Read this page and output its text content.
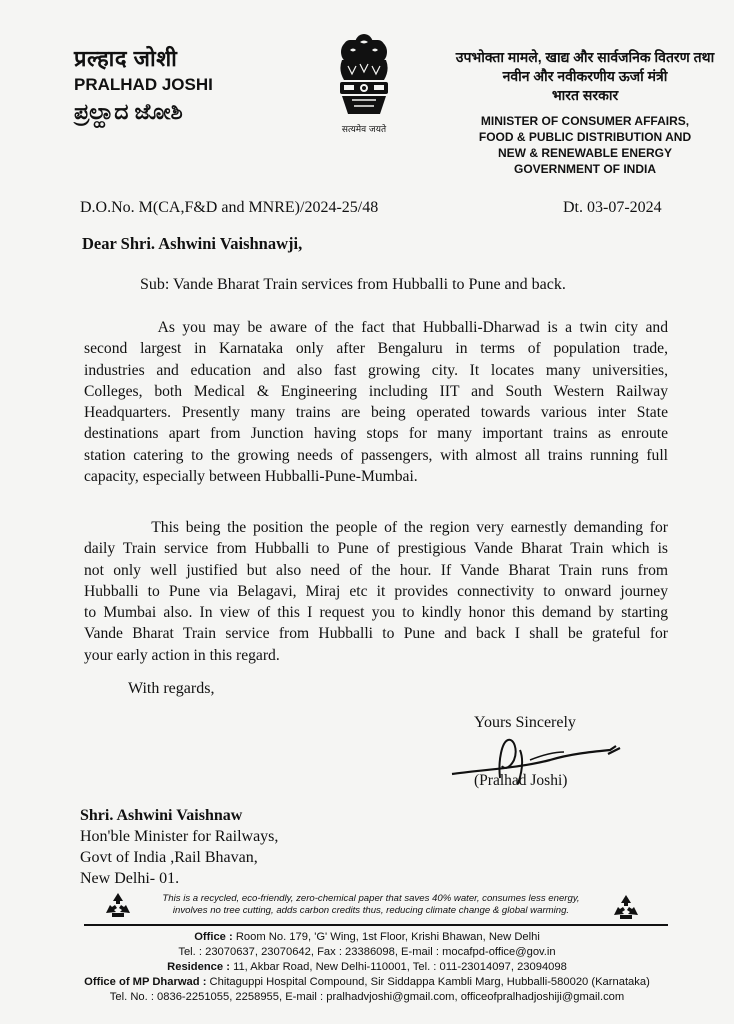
प्रल्हाद जोशी
PRALHAD JOSHI
ಪ್ರಲ್ಹಾದ ಜೋಶಿ
सत्यमेव जयते
उपभोक्ता मामले, खाद्य और सार्वजनिक वितरण तथा
नवीन और नवीकरणीय ऊर्जा मंत्री
भारत सरकार
MINISTER OF CONSUMER AFFAIRS,
FOOD & PUBLIC DISTRIBUTION AND
NEW & RENEWABLE ENERGY
GOVERNMENT OF INDIA
D.O.No. M(CA,F&D and MNRE)/2024-25/48	Dt. 03-07-2024
Dear Shri. Ashwini Vaishnawji,
Sub: Vande Bharat Train services from Hubballi to Pune and back.
As you may be aware of the fact that Hubballi-Dharwad is a twin city and
second largest in Karnataka only after Bengaluru in terms of population trade,
industries and education and also fast growing city. It locates many universities,
Colleges, both Medical & Engineering including IIT and South Western Railway
Headquarters. Presently many trains are being operated towards various inter State
destinations apart from Junction having stops for many important trains as enroute
station catering to the growing needs of passengers, with almost all trains running full
capacity, especially between Hubballi-Pune-Mumbai.
This being the position the people of the region very earnestly demanding for
daily Train service from Hubballi to Pune of prestigious Vande Bharat Train which is
not only well justified but also need of the hour. If Vande Bharat Train runs from
Hubballi to Pune via Belagavi, Miraj etc it provides connectivity to onward journey
to Mumbai also. In view of this I request you to kindly honor this demand by starting
Vande Bharat Train service from Hubballi to Pune and back I shall be grateful for
your early action in this regard.
With regards,
Yours Sincerely
(Pralhad Joshi)
Shri. Ashwini Vaishnaw
Hon'ble Minister for Railways,
Govt of India ,Rail Bhavan,
New Delhi- 01.
This is a recycled, eco-friendly, zero-chemical paper that saves 40% water, consumes less energy,
involves no tree cutting, adds carbon credits thus, reducing climate change & global warming.
Office : Room No. 179, 'G' Wing, 1st Floor, Krishi Bhawan, New Delhi
Tel. : 23070637, 23070642, Fax : 23386098, E-mail : mocafpd-office@gov.in
Residence : 11, Akbar Road, New Delhi-110001, Tel. : 011-23014097, 23094098
Office of MP Dharwad : Chitaguppi Hospital Compound, Sir Siddappa Kambli Marg, Hubballi-580020 (Karnataka)
Tel. No. : 0836-2251055, 2258955, E-mail : pralhadvjoshi@gmail.com, officeofpralhadjoshiji@gmail.com
